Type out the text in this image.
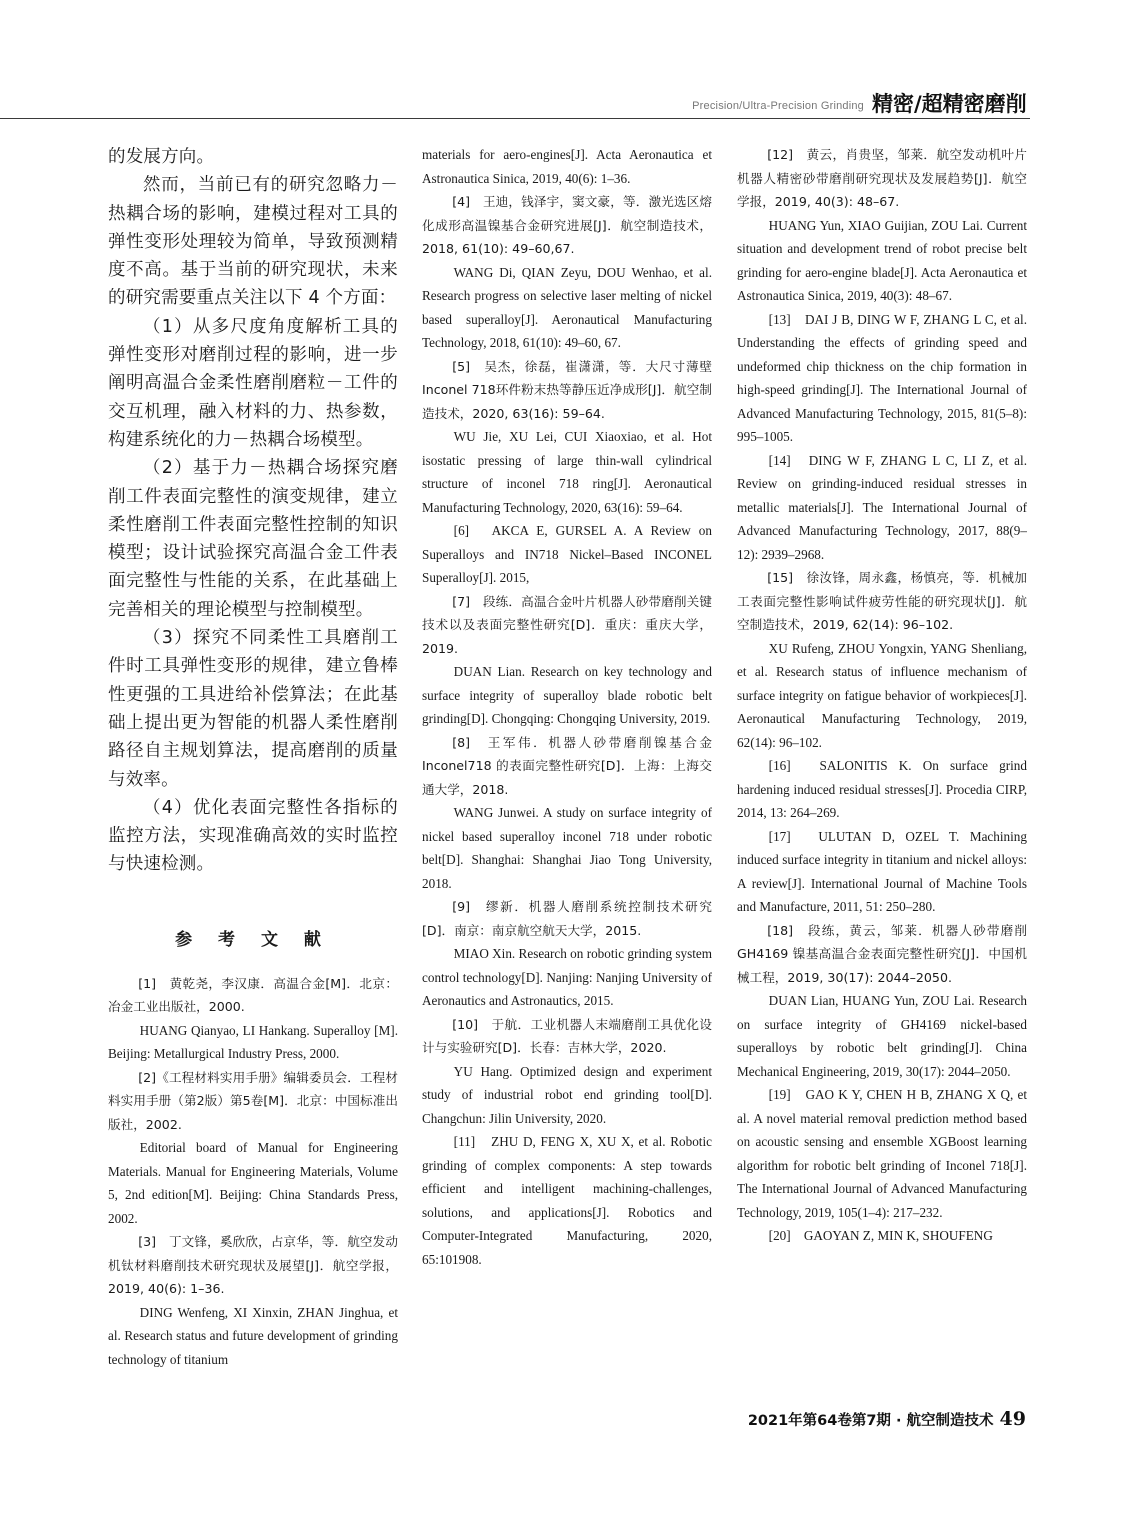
Precision/Ultra-Precision Grinding 精密/超精密磨削

的发展方向。

然而，当前已有的研究忽略力－热耦合场的影响，建模过程对工具的弹性变形处理较为简单，导致预测精度不高。基于当前的研究现状，未来的研究需要重点关注以下 4 个方面：

（1）从多尺度角度解析工具的弹性变形对磨削过程的影响，进一步阐明高温合金柔性磨削磨粒－工件的交互机理，融入材料的力、热参数，构建系统化的力－热耦合场模型。

（2）基于力－热耦合场探究磨削工件表面完整性的演变规律，建立柔性磨削工件表面完整性控制的知识模型；设计试验探究高温合金工件表面完整性与性能的关系，在此基础上完善相关的理论模型与控制模型。

（3）探究不同柔性工具磨削工件时工具弹性变形的规律，建立鲁棒性更强的工具进给补偿算法；在此基础上提出更为智能的机器人柔性磨削路径自主规划算法，提高磨削的质量与效率。

（4）优化表面完整性各指标的监控方法，实现准确高效的实时监控与快速检测。

参 考 文 献

[1]　黄乾尧，李汉康．高温合金[M]．北京：冶金工业出版社，2000.

HUANG Qianyao, LI Hankang. Superalloy [M]. Beijing: Metallurgical Industry Press, 2000.

[2]《工程材料实用手册》编辑委员会．工程材料实用手册（第2版）第5卷[M]．北京：中国标准出版社，2002.

Editorial board of Manual for Engineering Materials. Manual for Engineering Materials, Volume 5, 2nd edition[M]. Beijing: China Standards Press, 2002.

[3]　丁文锋，奚欣欣，占京华，等．航空发动机钛材料磨削技术研究现状及展望[J]．航空学报，2019, 40(6): 1–36.

DING Wenfeng, XI Xinxin, ZHAN Jinghua, et al. Research status and future development of grinding technology of titanium

materials for aero-engines[J]. Acta Aeronautica et Astronautica Sinica, 2019, 40(6): 1–36.

[4]　王迪，钱泽宇，窦文豪，等．激光选区熔化成形高温镍基合金研究进展[J]．航空制造技术，2018, 61(10): 49–60,67.

WANG Di, QIAN Zeyu, DOU Wenhao, et al. Research progress on selective laser melting of nickel based superalloy[J]. Aeronautical Manufacturing Technology, 2018, 61(10): 49–60, 67.

[5]　吴杰，徐磊，崔潇潇，等．大尺寸薄壁Inconel 718环件粉末热等静压近净成形[J]．航空制造技术，2020, 63(16): 59–64.

WU Jie, XU Lei, CUI Xiaoxiao, et al. Hot isostatic pressing of large thin-wall cylindrical structure of inconel 718 ring[J]. Aeronautical Manufacturing Technology, 2020, 63(16): 59–64.

[6]　AKCA E, GURSEL A. A Review on Superalloys and IN718 Nickel–Based INCONEL Superalloy[J]. 2015,

[7]　段练．高温合金叶片机器人砂带磨削关键技术以及表面完整性研究[D]．重庆：重庆大学，2019.

DUAN Lian. Research on key technology and surface integrity of superalloy blade robotic belt grinding[D]. Chongqing: Chongqing University, 2019.

[8]　王军伟．机器人砂带磨削镍基合金Inconel718 的表面完整性研究[D]．上海：上海交通大学，2018.

WANG Junwei. A study on surface integrity of nickel based superalloy inconel 718 under robotic belt[D]. Shanghai: Shanghai Jiao Tong University, 2018.

[9]　缪新．机器人磨削系统控制技术研究[D]．南京：南京航空航天大学，2015.

MIAO Xin. Research on robotic grinding system control technology[D]. Nanjing: Nanjing University of Aeronautics and Astronautics, 2015.

[10]　于航．工业机器人末端磨削工具优化设计与实验研究[D]．长春：吉林大学，2020.

YU Hang. Optimized design and experiment study of industrial robot end grinding tool[D]. Changchun: Jilin University, 2020.

[11]　ZHU D, FENG X, XU X, et al. Robotic grinding of complex components: A step towards efficient and intelligent machining-challenges, solutions, and applications[J]. Robotics and Computer-Integrated Manufacturing, 2020, 65:101908.

[12]　黄云，肖贵坚，邹莱．航空发动机叶片机器人精密砂带磨削研究现状及发展趋势[J]．航空学报，2019, 40(3): 48–67.

HUANG Yun, XIAO Guijian, ZOU Lai. Current situation and development trend of robot precise belt grinding for aero-engine blade[J]. Acta Aeronautica et Astronautica Sinica, 2019, 40(3): 48–67.

[13]　DAI J B, DING W F, ZHANG L C, et al. Understanding the effects of grinding speed and undeformed chip thickness on the chip formation in high-speed grinding[J]. The International Journal of Advanced Manufacturing Technology, 2015, 81(5–8): 995–1005.

[14]　DING W F, ZHANG L C, LI Z, et al. Review on grinding-induced residual stresses in metallic materials[J]. The International Journal of Advanced Manufacturing Technology, 2017, 88(9–12): 2939–2968.

[15]　徐汝锋，周永鑫，杨慎亮，等．机械加工表面完整性影响试件疲劳性能的研究现状[J]．航空制造技术，2019, 62(14): 96–102.

XU Rufeng, ZHOU Yongxin, YANG Shenliang, et al. Research status of influence mechanism of surface integrity on fatigue behavior of workpieces[J]. Aeronautical Manufacturing Technology, 2019, 62(14): 96–102.

[16]　SALONITIS K. On surface grind hardening induced residual stresses[J]. Procedia CIRP, 2014, 13: 264–269.

[17]　ULUTAN D, OZEL T. Machining induced surface integrity in titanium and nickel alloys: A review[J]. International Journal of Machine Tools and Manufacture, 2011, 51: 250–280.

[18]　段练，黄云，邹莱．机器人砂带磨削 GH4169 镍基高温合金表面完整性研究[J]．中国机械工程，2019, 30(17): 2044–2050.

DUAN Lian, HUANG Yun, ZOU Lai. Research on surface integrity of GH4169 nickel-based superalloys by robotic belt grinding[J]. China Mechanical Engineering, 2019, 30(17): 2044–2050.

[19]　GAO K Y, CHEN H B, ZHANG X Q, et al. A novel material removal prediction method based on acoustic sensing and ensemble XGBoost learning algorithm for robotic belt grinding of Inconel 718[J]. The International Journal of Advanced Manufacturing Technology, 2019, 105(1–4): 217–232.

[20]　GAOYAN Z, MIN K, SHOUFENG

2021年第64卷第7期 · 航空制造技术 49
